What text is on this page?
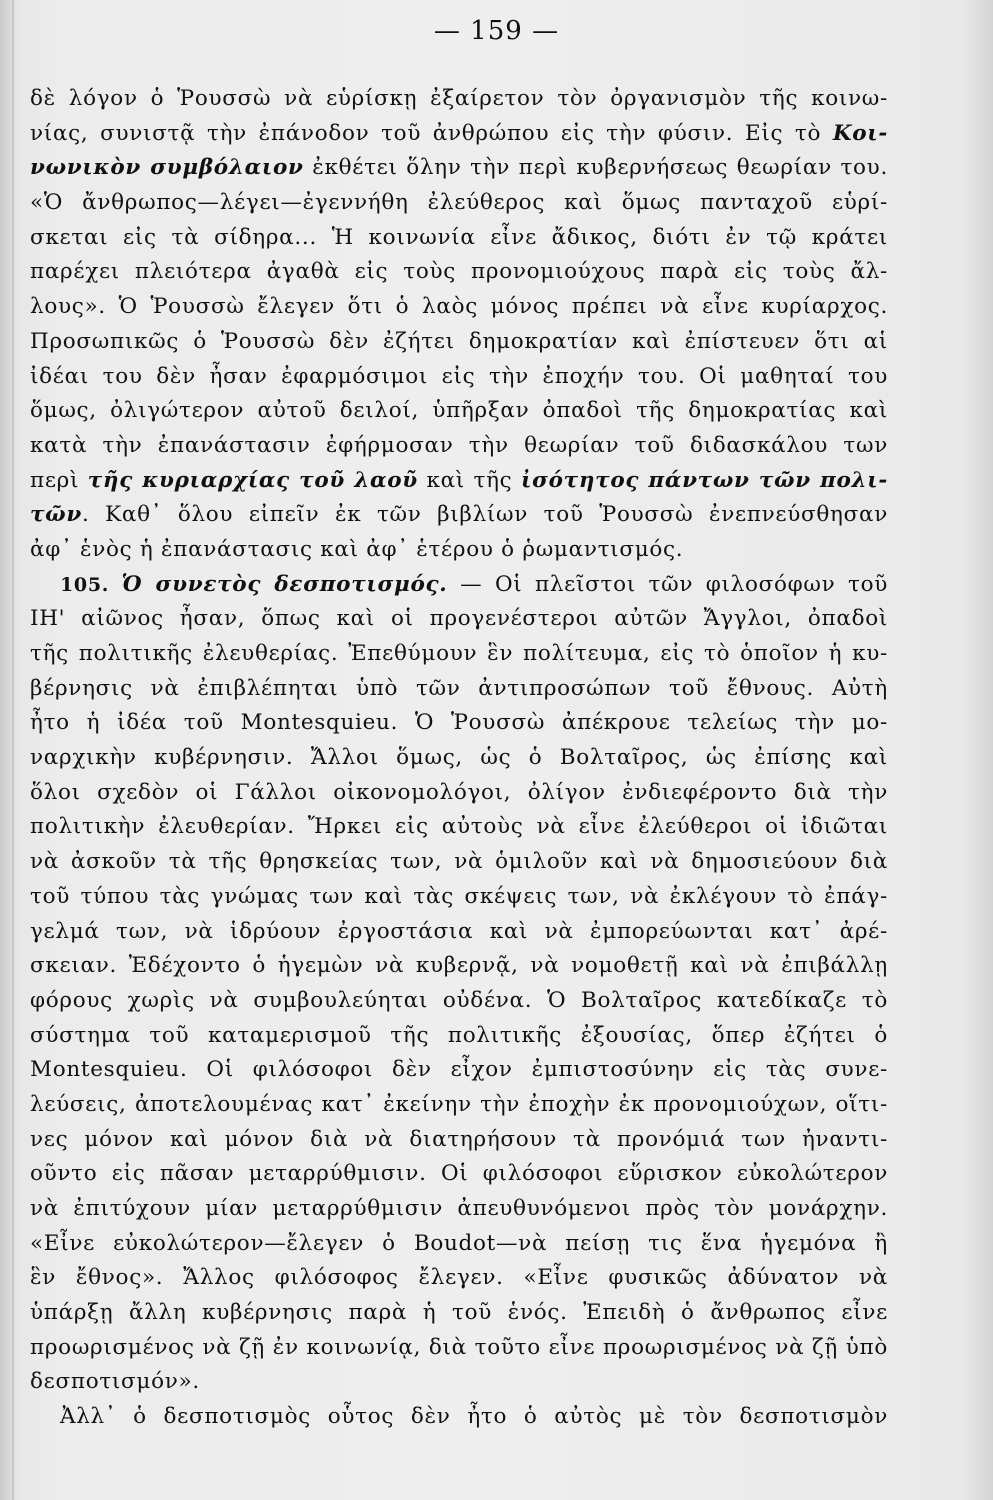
— 159 —
δὲ λόγον ὁ Ῥουσσὼ νὰ εὑρίσκῃ ἐξαίρετον τὸν ὀργανισμὸν τῆς κοινω-
νίας, συνιστᾷ τὴν ἐπάνοδον τοῦ ἀνθρώπου εἰς τὴν φύσιν. Εἰς τὸ Κοι-
νωνικὸν συμβόλαιον ἐκθέτει ὅλην τὴν περὶ κυβερνήσεως θεωρίαν του.
«Ὁ ἄνθρωπος—λέγει—ἐγεννήθη ἐλεύθερος καὶ ὅμως πανταχοῦ εὑρί-
σκεται εἰς τὰ σίδηρα... Ἡ κοινωνία εἶνε ἄδικος, διότι ἐν τῷ κράτει
παρέχει πλειότερα ἀγαθὰ εἰς τοὺς προνομιούχους παρὰ εἰς τοὺς ἄλ-
λους». Ὁ Ῥουσσὼ ἔλεγεν ὅτι ὁ λαὸς μόνος πρέπει νὰ εἶνε κυρίαρχος.
Προσωπικῶς ὁ Ῥουσσὼ δὲν ἐζήτει δημοκρατίαν καὶ ἐπίστευεν ὅτι αἱ
ἰδέαι του δὲν ἦσαν ἐφαρμόσιμοι εἰς τὴν ἐποχήν του. Οἱ μαθηταί του
ὅμως, ὀλιγώτερον αὐτοῦ δειλοί, ὑπῆρξαν ὀπαδοὶ τῆς δημοκρατίας καὶ
κατὰ τὴν ἐπανάστασιν ἐφήρμοσαν τὴν θεωρίαν τοῦ διδασκάλου των
περὶ τῆς κυριαρχίας τοῦ λαοῦ καὶ τῆς ἰσότητος πάντων τῶν πολι-
τῶν. Καθ᾽ ὅλου εἰπεῖν ἐκ τῶν βιβλίων τοῦ Ῥουσσὼ ἐνεπνεύσθησαν
ἀφ᾽ ἑνὸς ἡ ἐπανάστασις καὶ ἀφ᾽ ἑτέρου ὁ ῥωμαντισμός.
105. Ὁ συνετὸς δεσποτισμός. — Οἱ πλεῖστοι τῶν φιλοσόφων τοῦ
ΙΗ' αἰῶνος ἦσαν, ὅπως καὶ οἱ προγενέστεροι αὐτῶν Ἄγγλοι, ὀπαδοὶ
τῆς πολιτικῆς ἐλευθερίας. Ἐπεθύμουν ἓν πολίτευμα, εἰς τὸ ὁποῖον ἡ κυ-
βέρνησις νὰ ἐπιβλέπηται ὑπὸ τῶν ἀντιπροσώπων τοῦ ἔθνους. Αὐτὴ
ἦτο ἡ ἰδέα τοῦ Montesquieu. Ὁ Ῥουσσὼ ἀπέκρουε τελείως τὴν μο-
ναρχικὴν κυβέρνησιν. Ἄλλοι ὅμως, ὡς ὁ Βολταῖρος, ὡς ἐπίσης καὶ
ὅλοι σχεδὸν οἱ Γάλλοι οἰκονομολόγοι, ὀλίγον ἐνδιεφέροντο διὰ τὴν
πολιτικὴν ἐλευθερίαν. Ἤρκει εἰς αὐτοὺς νὰ εἶνε ἐλεύθεροι οἱ ἰδιῶται
νὰ ἀσκοῦν τὰ τῆς θρησκείας των, νὰ ὁμιλοῦν καὶ νὰ δημοσιεύουν διὰ
τοῦ τύπου τὰς γνώμας των καὶ τὰς σκέψεις των, νὰ ἐκλέγουν τὸ ἐπάγ-
γελμά των, νὰ ἱδρύουν ἐργοστάσια καὶ νὰ ἐμπορεύωνται κατ᾽ ἀρέ-
σκειαν. Ἐδέχοντο ὁ ἡγεμὼν νὰ κυβερνᾷ, νὰ νομοθετῇ καὶ νὰ ἐπιβάλλῃ
φόρους χωρὶς νὰ συμβουλεύηται οὐδένα. Ὁ Βολταῖρος κατεδίκαζε τὸ
σύστημα τοῦ καταμερισμοῦ τῆς πολιτικῆς ἐξουσίας, ὅπερ ἐζήτει ὁ
Montesquieu. Οἱ φιλόσοφοι δὲν εἶχον ἐμπιστοσύνην εἰς τὰς συνε-
λεύσεις, ἀποτελουμένας κατ᾽ ἐκείνην τὴν ἐποχὴν ἐκ προνομιούχων, οἵτι-
νες μόνον καὶ μόνον διὰ νὰ διατηρήσουν τὰ προνόμιά των ἠναντι-
οῦντο εἰς πᾶσαν μεταρρύθμισιν. Οἱ φιλόσοφοι εὕρισκον εὐκολώτερον
νὰ ἐπιτύχουν μίαν μεταρρύθμισιν ἀπευθυνόμενοι πρὸς τὸν μονάρχην.
«Εἶνε εὐκολώτερον—ἔλεγεν ὁ Boudot—νὰ πείσῃ τις ἕνα ἡγεμόνα ἢ
ἓν ἔθνος». Ἄλλος φιλόσοφος ἔλεγεν. «Εἶνε φυσικῶς ἀδύνατον νὰ
ὑπάρξῃ ἄλλη κυβέρνησις παρὰ ἡ τοῦ ἑνός. Ἐπειδὴ ὁ ἄνθρωπος εἶνε
προωρισμένος νὰ ζῇ ἐν κοινωνίᾳ, διὰ τοῦτο εἶνε προωρισμένος νὰ ζῇ ὑπὸ
δεσποτισμόν».
Ἀλλ᾽ ὁ δεσποτισμὸς οὗτος δὲν ἦτο ὁ αὐτὸς μὲ τὸν δεσποτισμὸν
